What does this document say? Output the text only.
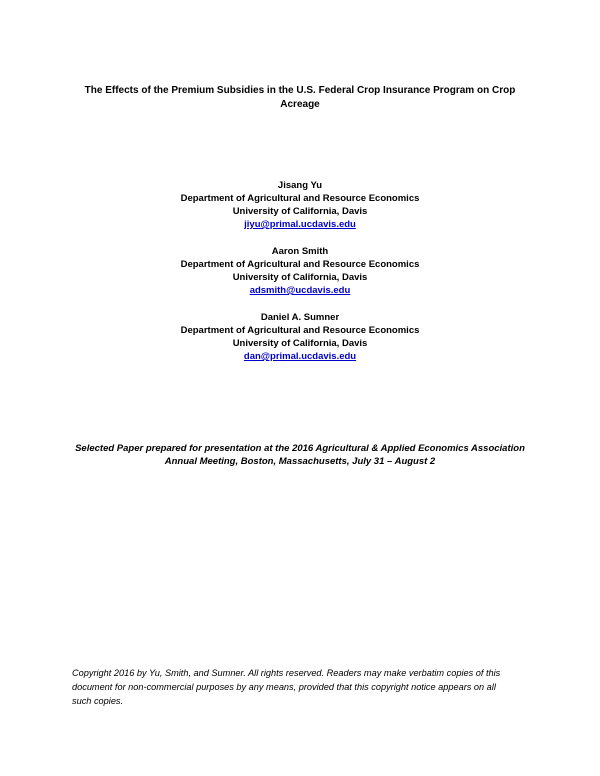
The Effects of the Premium Subsidies in the U.S. Federal Crop Insurance Program on Crop
Acreage
Jisang Yu
Department of Agricultural and Resource Economics
University of California, Davis
jiyu@primal.ucdavis.edu
Aaron Smith
Department of Agricultural and Resource Economics
University of California, Davis
adsmith@ucdavis.edu
Daniel A. Sumner
Department of Agricultural and Resource Economics
University of California, Davis
dan@primal.ucdavis.edu
Selected Paper prepared for presentation at the 2016 Agricultural & Applied Economics Association
Annual Meeting, Boston, Massachusetts, July 31 – August 2
Copyright 2016 by Yu, Smith, and Sumner. All rights reserved. Readers may make verbatim copies of this
document for non-commercial purposes by any means, provided that this copyright notice appears on all
such copies.
